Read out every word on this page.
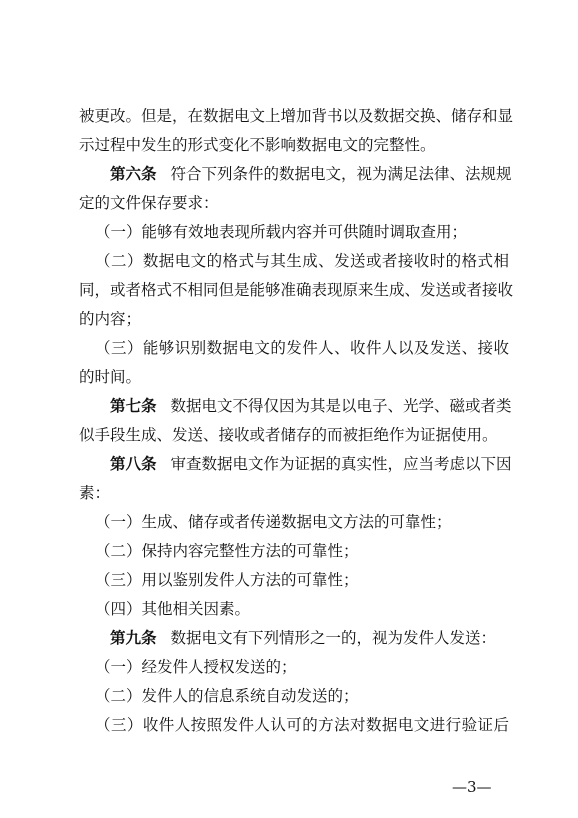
被更改。但是，在数据电文上增加背书以及数据交换、储存和显
示过程中发生的形式变化不影响数据电文的完整性。
第六条 符合下列条件的数据电文，视为满足法律、法规规
定的文件保存要求：
（一）能够有效地表现所载内容并可供随时调取查用；
（二）数据电文的格式与其生成、发送或者接收时的格式相
同，或者格式不相同但是能够准确表现原来生成、发送或者接收
的内容；
（三）能够识别数据电文的发件人、收件人以及发送、接收
的时间。
第七条 数据电文不得仅因为其是以电子、光学、磁或者类
似手段生成、发送、接收或者储存的而被拒绝作为证据使用。
第八条 审查数据电文作为证据的真实性，应当考虑以下因
素：
（一）生成、储存或者传递数据电文方法的可靠性；
（二）保持内容完整性方法的可靠性；
（三）用以鉴别发件人方法的可靠性；
（四）其他相关因素。
第九条 数据电文有下列情形之一的，视为发件人发送：
（一）经发件人授权发送的；
（二）发件人的信息系统自动发送的；
（三）收件人按照发件人认可的方法对数据电文进行验证后
—3—
